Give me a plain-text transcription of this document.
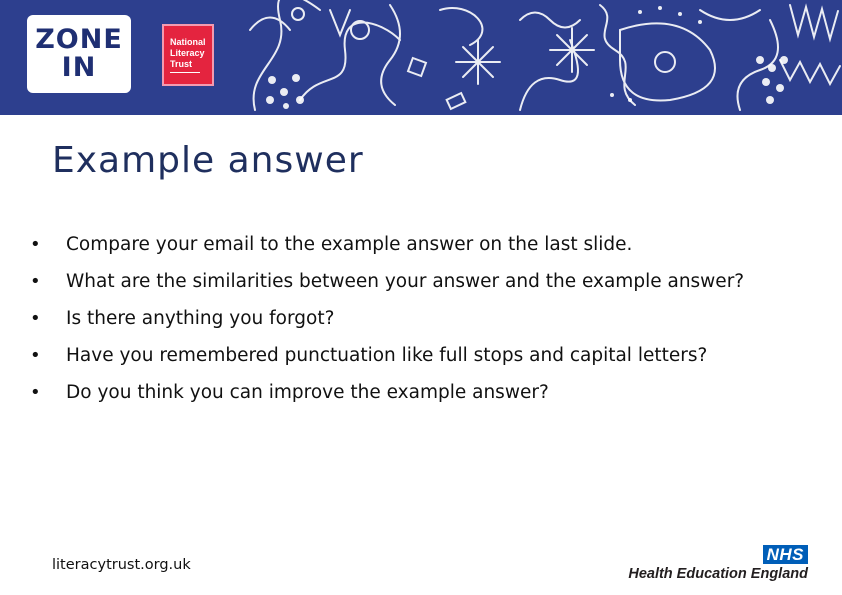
ZONE
IN
National
Literacy
Trust
Example answer
• Compare your email to the example answer on the last slide.
• What are the similarities between your answer and the example answer?
• Is there anything you forgot?
• Have you remembered punctuation like full stops and capital letters?
• Do you think you can improve the example answer?
literacytrust.org.uk
NHS
Health Education England
